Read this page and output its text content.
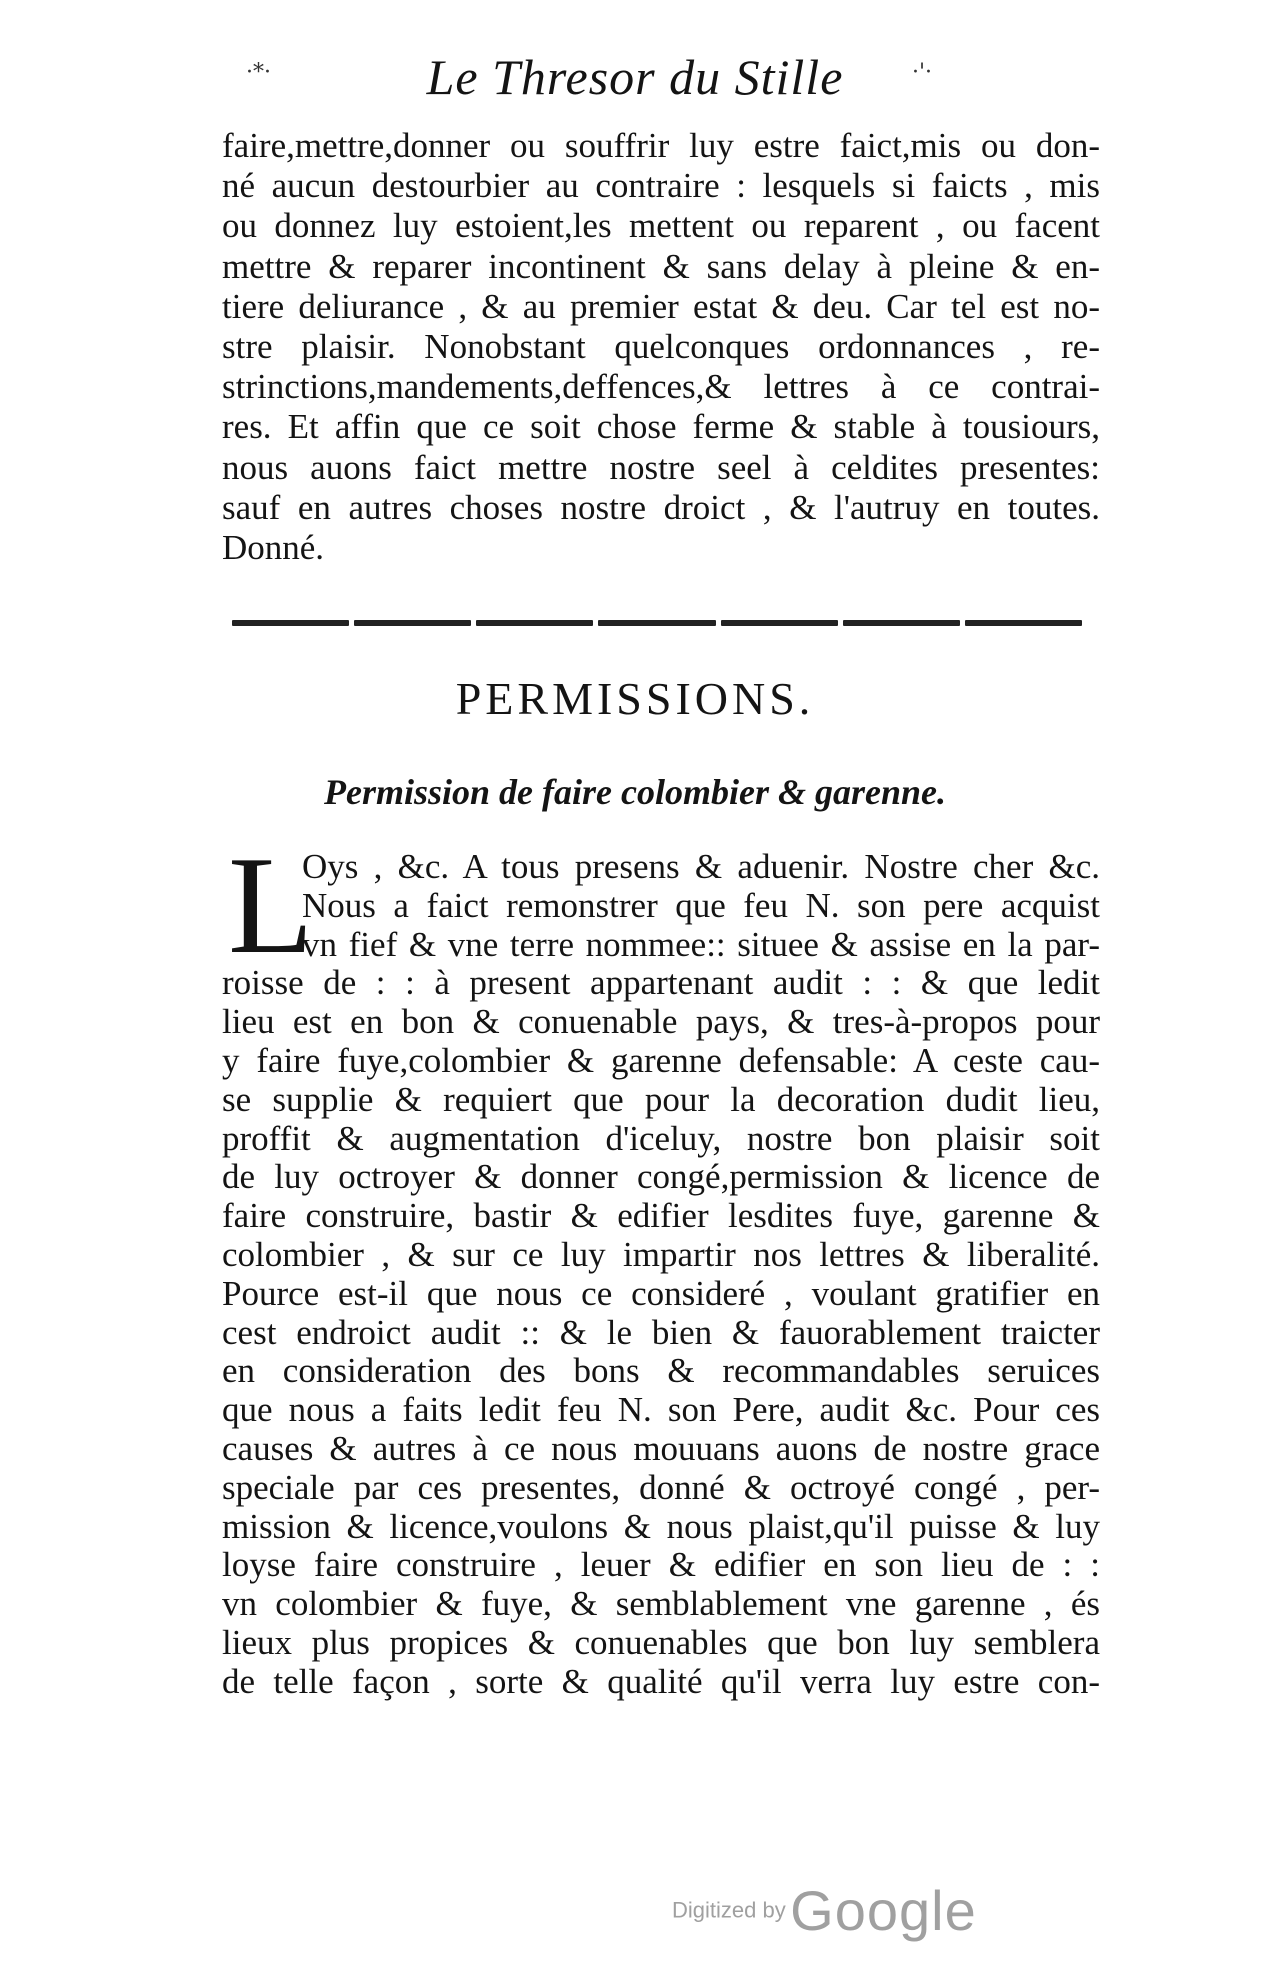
·*·	Le Thresor du Stille	·'·
faire,mettre,donner ou souffrir luy estre faict,mis ou don-
né aucun destourbier au contraire : lesquels si faicts , mis
ou donnez luy estoient,les mettent ou reparent , ou facent
mettre & reparer incontinent & sans delay à pleine & en-
tiere deliurance , & au premier estat & deu. Car tel est no-
stre plaisir. Nonobstant quelconques ordonnances , re-
strinctions,mandements,deffences,& lettres à ce contrai-
res. Et affin que ce soit chose ferme & stable à tousiours,
nous auons faict mettre nostre seel à celdites presentes:
sauf en autres choses nostre droict , & l'autruy en toutes.
Donné.
PERMISSIONS.
Permission de faire colombier & garenne.
L
Oys , &c. A tous presens & aduenir. Nostre cher &c.
Nous a faict remonstrer que feu N. son pere acquist
vn fief & vne terre nommee:: situee & assise en la par-
roisse de : : à present appartenant audit : : & que ledit
lieu est en bon & conuenable pays, & tres-à-propos pour
y faire fuye,colombier & garenne defensable: A ceste cau-
se supplie & requiert que pour la decoration dudit lieu,
proffit & augmentation d'iceluy, nostre bon plaisir soit
de luy octroyer & donner congé,permission & licence de
faire construire, bastir & edifier lesdites fuye, garenne &
colombier , & sur ce luy impartir nos lettres & liberalité.
Pource est-il que nous ce consideré , voulant gratifier en
cest endroict audit :: & le bien & fauorablement traicter
en consideration des bons & recommandables seruices
que nous a faits ledit feu N. son Pere, audit &c. Pour ces
causes & autres à ce nous mouuans auons de nostre grace
speciale par ces presentes, donné & octroyé congé , per-
mission & licence,voulons & nous plaist,qu'il puisse & luy
loyse faire construire , leuer & edifier en son lieu de : :
vn colombier & fuye, & semblablement vne garenne , és
lieux plus propices & conuenables que bon luy semblera
de telle façon , sorte & qualité qu'il verra luy estre con-
Digitized by Google
